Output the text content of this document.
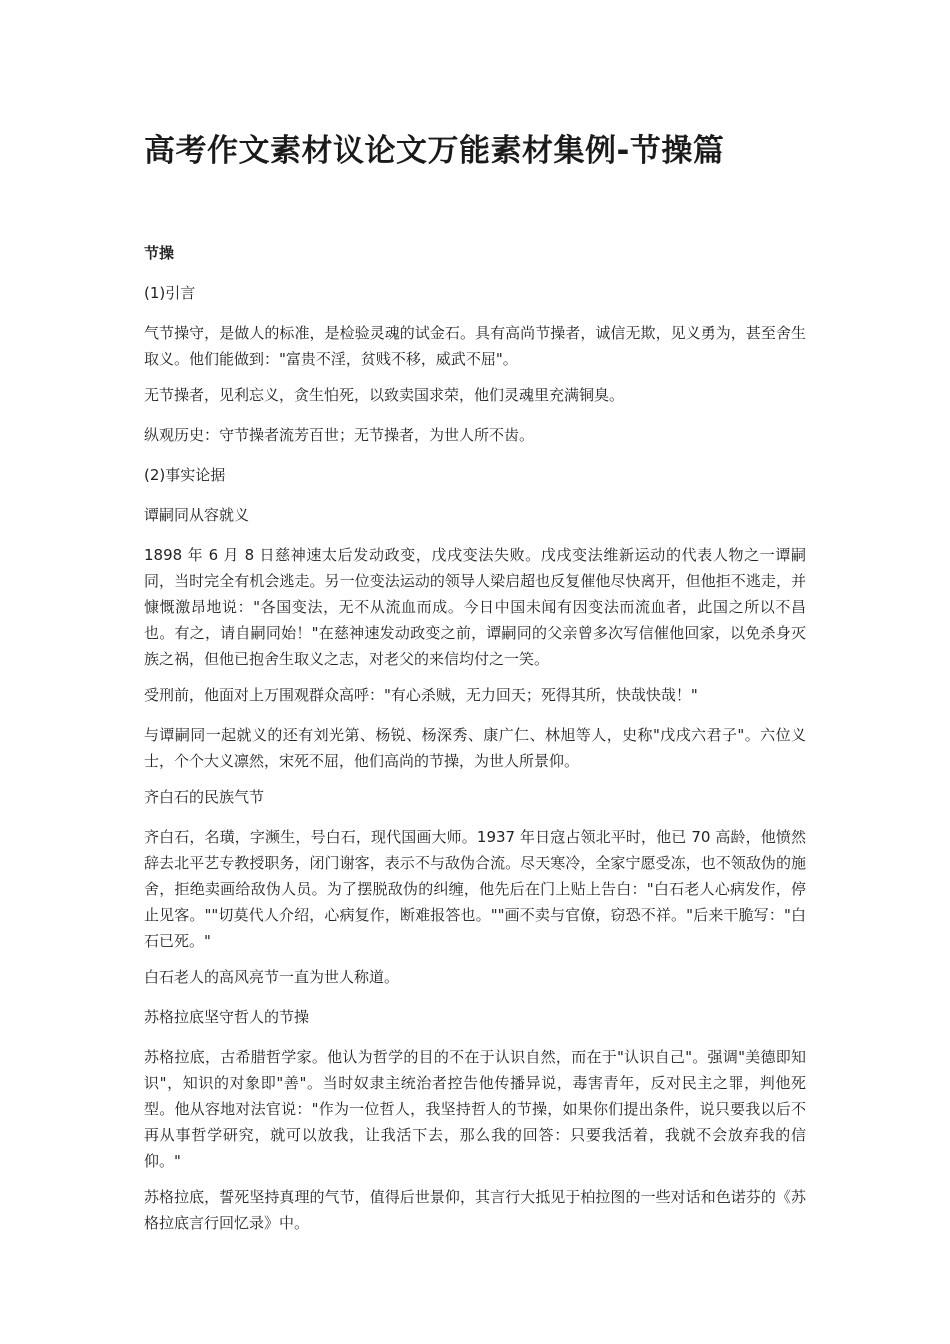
高考作文素材议论文万能素材集例-节操篇

节操

(1)引言

气节操守，是做人的标准，是检验灵魂的试金石。具有高尚节操者，诚信无欺，见义勇为，甚至舍生取义。他们能做到："富贵不淫，贫贱不移，威武不屈"。

无节操者，见利忘义，贪生怕死，以致卖国求荣，他们灵魂里充满铜臭。

纵观历史：守节操者流芳百世；无节操者，为世人所不齿。

(2)事实论据

谭嗣同从容就义

1898 年 6 月 8 日慈神速太后发动政变，戊戌变法失败。戊戌变法维新运动的代表人物之一谭嗣同，当时完全有机会逃走。另一位变法运动的领导人梁启超也反复催他尽快离开，但他拒不逃走，并慷慨激昂地说："各国变法，无不从流血而成。今日中国未闻有因变法而流血者，此国之所以不昌也。有之，请自嗣同始！"在慈神速发动政变之前，谭嗣同的父亲曾多次写信催他回家，以免杀身灭族之祸，但他已抱舍生取义之志，对老父的来信均付之一笑。

受刑前，他面对上万围观群众高呼："有心杀贼，无力回天；死得其所，快哉快哉！"

与谭嗣同一起就义的还有刘光第、杨锐、杨深秀、康广仁、林旭等人，史称"戊戌六君子"。六位义士，个个大义凛然，宋死不屈，他们高尚的节操，为世人所景仰。

齐白石的民族气节

齐白石，名璜，字濒生，号白石，现代国画大师。1937 年日寇占领北平时，他已 70 高龄，他愤然辞去北平艺专教授职务，闭门谢客，表示不与敌伪合流。尽天寒冷，全家宁愿受冻，也不领敌伪的施舍，拒绝卖画给敌伪人员。为了摆脱敌伪的纠缠，他先后在门上贴上告白："白石老人心病发作，停止见客。""切莫代人介绍，心病复作，断难报答也。""画不卖与官僚，窃恐不祥。"后来干脆写："白石已死。"

白石老人的高风亮节一直为世人称道。

苏格拉底坚守哲人的节操

苏格拉底，古希腊哲学家。他认为哲学的目的不在于认识自然，而在于"认识自己"。强调"美德即知识"，知识的对象即"善"。当时奴隶主统治者控告他传播异说，毒害青年，反对民主之罪，判他死型。他从容地对法官说："作为一位哲人，我坚持哲人的节操，如果你们提出条件，说只要我以后不再从事哲学研究，就可以放我，让我活下去，那么我的回答：只要我活着，我就不会放弃我的信仰。"

苏格拉底，誓死坚持真理的气节，值得后世景仰，其言行大抵见于柏拉图的一些对话和色诺芬的《苏格拉底言行回忆录》中。
